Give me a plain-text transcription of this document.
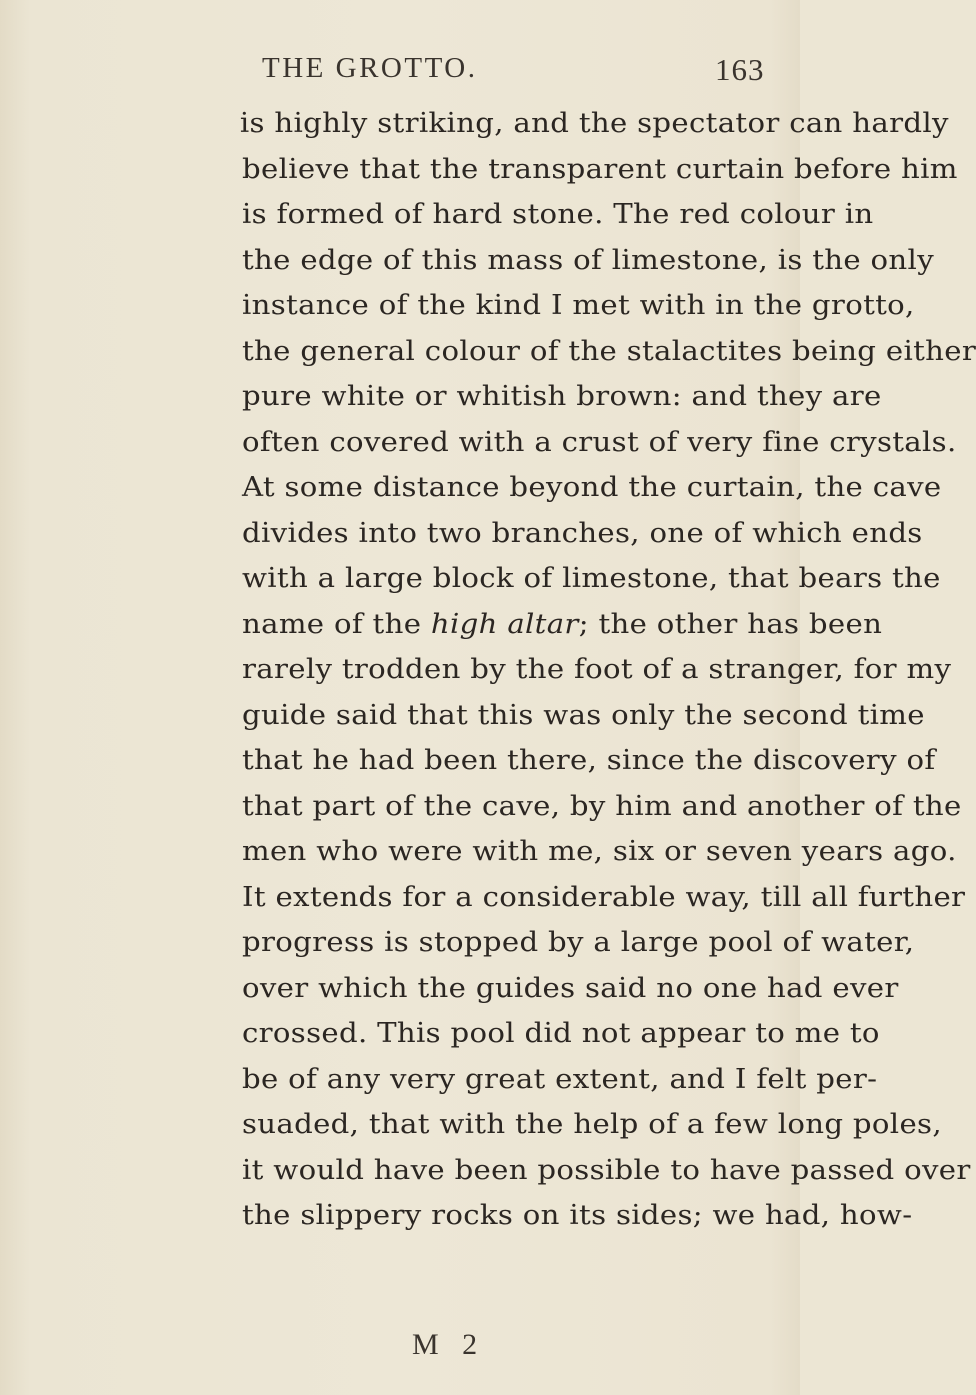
THE GROTTO.	163
is highly striking, and the spectator can hardly
believe that the transparent curtain before him
is formed of hard stone. The red colour in
the edge of this mass of limestone, is the only
instance of the kind I met with in the grotto,
the general colour of the stalactites being either
pure white or whitish brown: and they are
often covered with a crust of very fine crystals.
At some distance beyond the curtain, the cave
divides into two branches, one of which ends
with a large block of limestone, that bears the
name of the high altar; the other has been
rarely trodden by the foot of a stranger, for my
guide said that this was only the second time
that he had been there, since the discovery of
that part of the cave, by him and another of the
men who were with me, six or seven years ago.
It extends for a considerable way, till all further
progress is stopped by a large pool of water,
over which the guides said no one had ever
crossed. This pool did not appear to me to
be of any very great extent, and I felt per-
suaded, that with the help of a few long poles,
it would have been possible to have passed over
the slippery rocks on its sides; we had, how-
M 2
